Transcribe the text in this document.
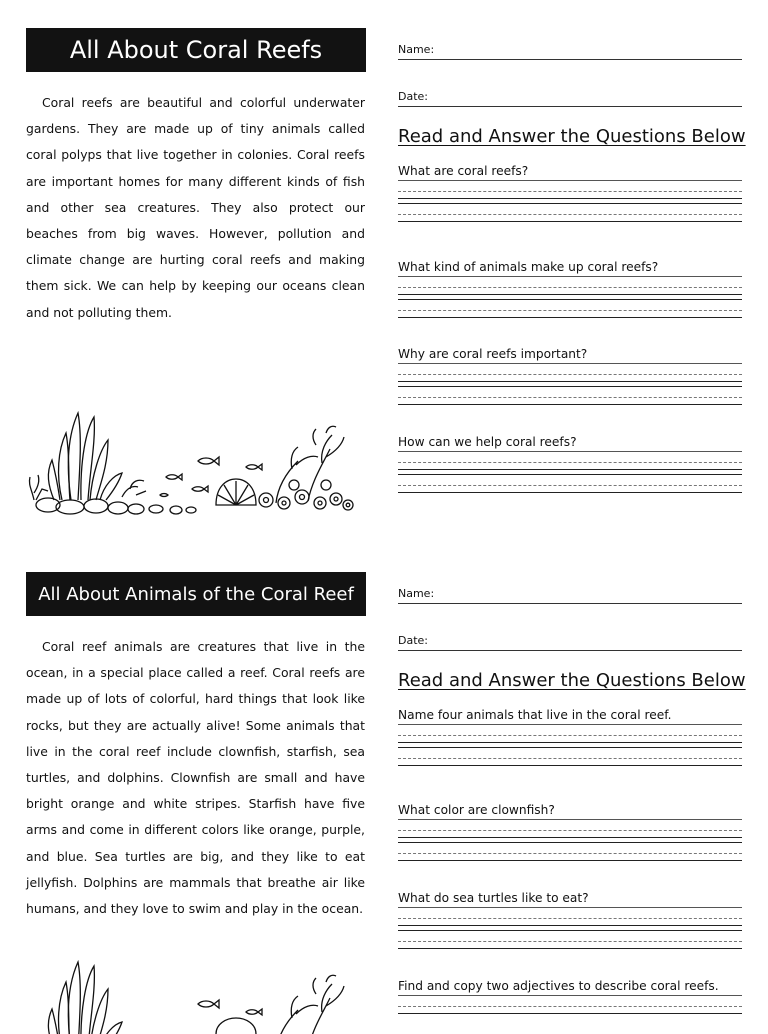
All About Coral Reefs

Coral reefs are beautiful and colorful underwater gardens. They are made up of tiny animals called coral polyps that live together in colonies. Coral reefs are important homes for many different kinds of fish and other sea creatures. They also protect our beaches from big waves. However, pollution and climate change are hurting coral reefs and making them sick. We can help by keeping our oceans clean and not polluting them.

Name:
Date:
Read and Answer the Questions Below
What are coral reefs?
What kind of animals make up coral reefs?
Why are coral reefs important?
How can we help coral reefs?
All About Animals of the Coral Reef

Coral reef animals are creatures that live in the ocean, in a special place called a reef. Coral reefs are made up of lots of colorful, hard things that look like rocks, but they are actually alive! Some animals that live in the coral reef include clownfish, starfish, sea turtles, and dolphins. Clownfish are small and have bright orange and white stripes. Starfish have five arms and come in different colors like orange, purple, and blue. Sea turtles are big, and they like to eat jellyfish. Dolphins are mammals that breathe air like humans, and they love to swim and play in the ocean.

Name:
Date:
Read and Answer the Questions Below
Name four animals that live in the coral reef.
What color are clownfish?
What do sea turtles like to eat?
Find and copy two adjectives to describe coral reefs.
